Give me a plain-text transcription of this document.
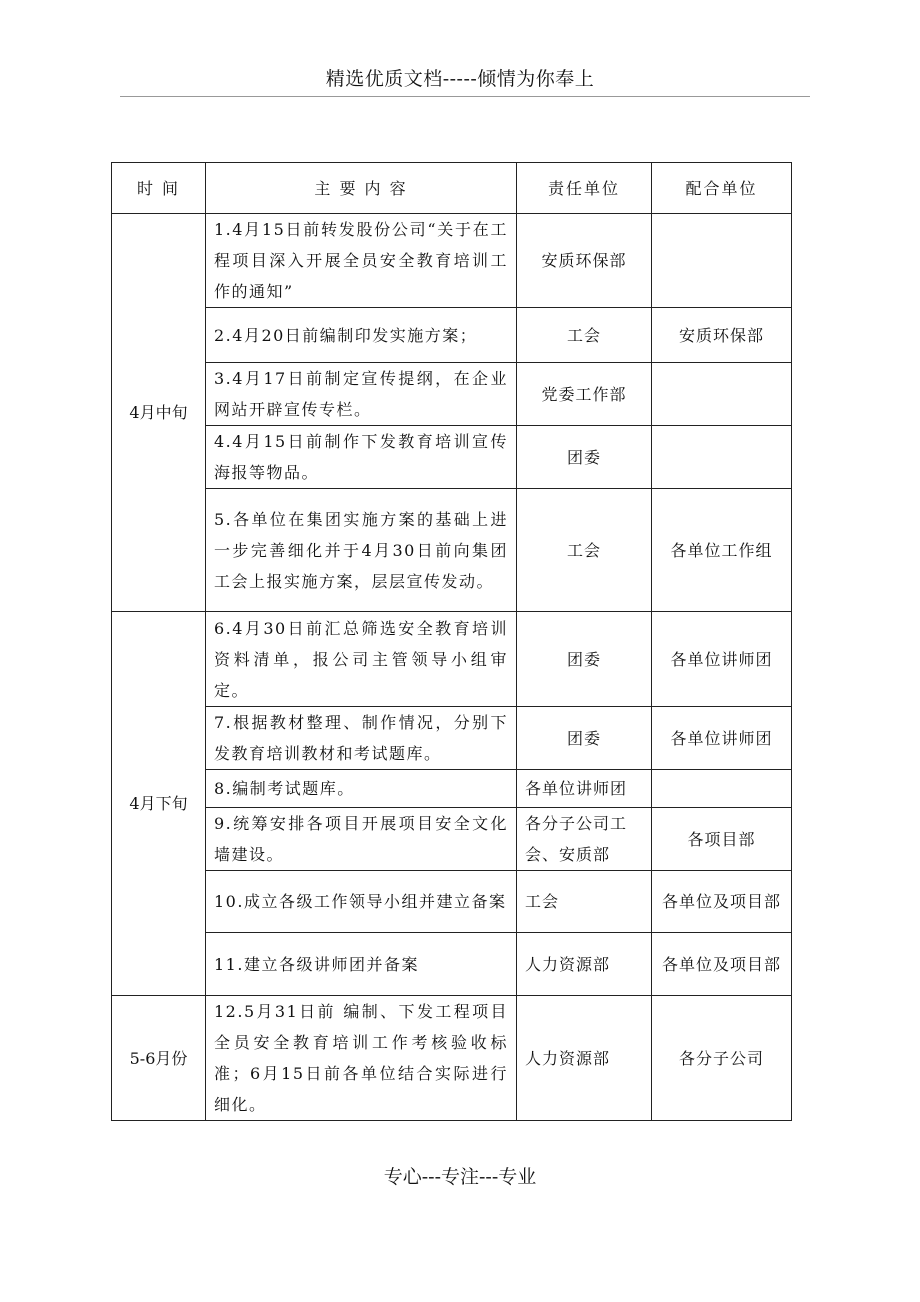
精选优质文档-----倾情为你奉上
时 间	主 要 内 容	责任单位	配合单位
4月中旬	1.4月15日前转发股份公司“关于在工程项目深入开展全员安全教育培训工作的通知”	安质环保部	
	2.4月20日前编制印发实施方案；	工会	安质环保部
	3.4月17日前制定宣传提纲，在企业网站开辟宣传专栏。	党委工作部	
	4.4月15日前制作下发教育培训宣传海报等物品。	团委	
	5.各单位在集团实施方案的基础上进一步完善细化并于4月30日前向集团工会上报实施方案，层层宣传发动。	工会	各单位工作组
4月下旬	6.4月30日前汇总筛选安全教育培训资料清单，报公司主管领导小组审定。	团委	各单位讲师团
	7.根据教材整理、制作情况，分别下发教育培训教材和考试题库。	团委	各单位讲师团
	8.编制考试题库。	各单位讲师团	
	9.统筹安排各项目开展项目安全文化墙建设。	各分子公司工会、安质部	各项目部
	10.成立各级工作领导小组并建立备案	工会	各单位及项目部
	11.建立各级讲师团并备案	人力资源部	各单位及项目部
5-6月份	12.5月31日前 编制、下发工程项目全员安全教育培训工作考核验收标准；6月15日前各单位结合实际进行细化。	人力资源部	各分子公司
专心---专注---专业
